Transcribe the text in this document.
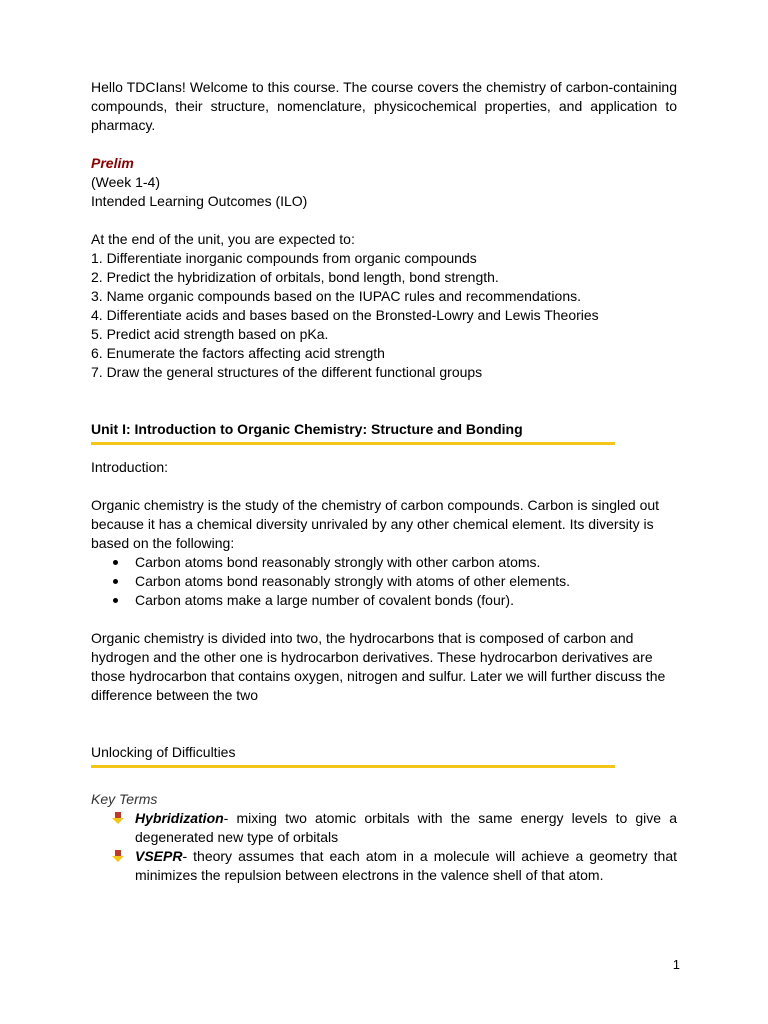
Hello TDCIans! Welcome to this course. The course covers the chemistry of carbon-containing compounds, their structure, nomenclature, physicochemical properties, and application to pharmacy.

Prelim

(Week 1-4)

Intended Learning Outcomes (ILO)

At the end of the unit, you are expected to:

1. Differentiate inorganic compounds from organic compounds

2. Predict the hybridization of orbitals, bond length, bond strength.

3. Name organic compounds based on the IUPAC rules and recommendations.

4. Differentiate acids and bases based on the Bronsted-Lowry and Lewis Theories

5. Predict acid strength based on pKa.

6. Enumerate the factors affecting acid strength

7. Draw the general structures of the different functional groups

Unit I: Introduction to Organic Chemistry: Structure and Bonding

Introduction:

Organic chemistry is the study of the chemistry of carbon compounds. Carbon is singled out because it has a chemical diversity unrivaled by any other chemical element. Its diversity is based on the following:

Carbon atoms bond reasonably strongly with other carbon atoms.
Carbon atoms bond reasonably strongly with atoms of other elements.
Carbon atoms make a large number of covalent bonds (four).

Organic chemistry is divided into two, the hydrocarbons that is composed of carbon and hydrogen and the other one is hydrocarbon derivatives. These hydrocarbon derivatives are those hydrocarbon that contains oxygen, nitrogen and sulfur. Later we will further discuss the difference between the two

Unlocking of Difficulties

Key Terms

Hybridization- mixing two atomic orbitals with the same energy levels to give a degenerated new type of orbitals
VSEPR- theory assumes that each atom in a molecule will achieve a geometry that minimizes the repulsion between electrons in the valence shell of that atom.
1
